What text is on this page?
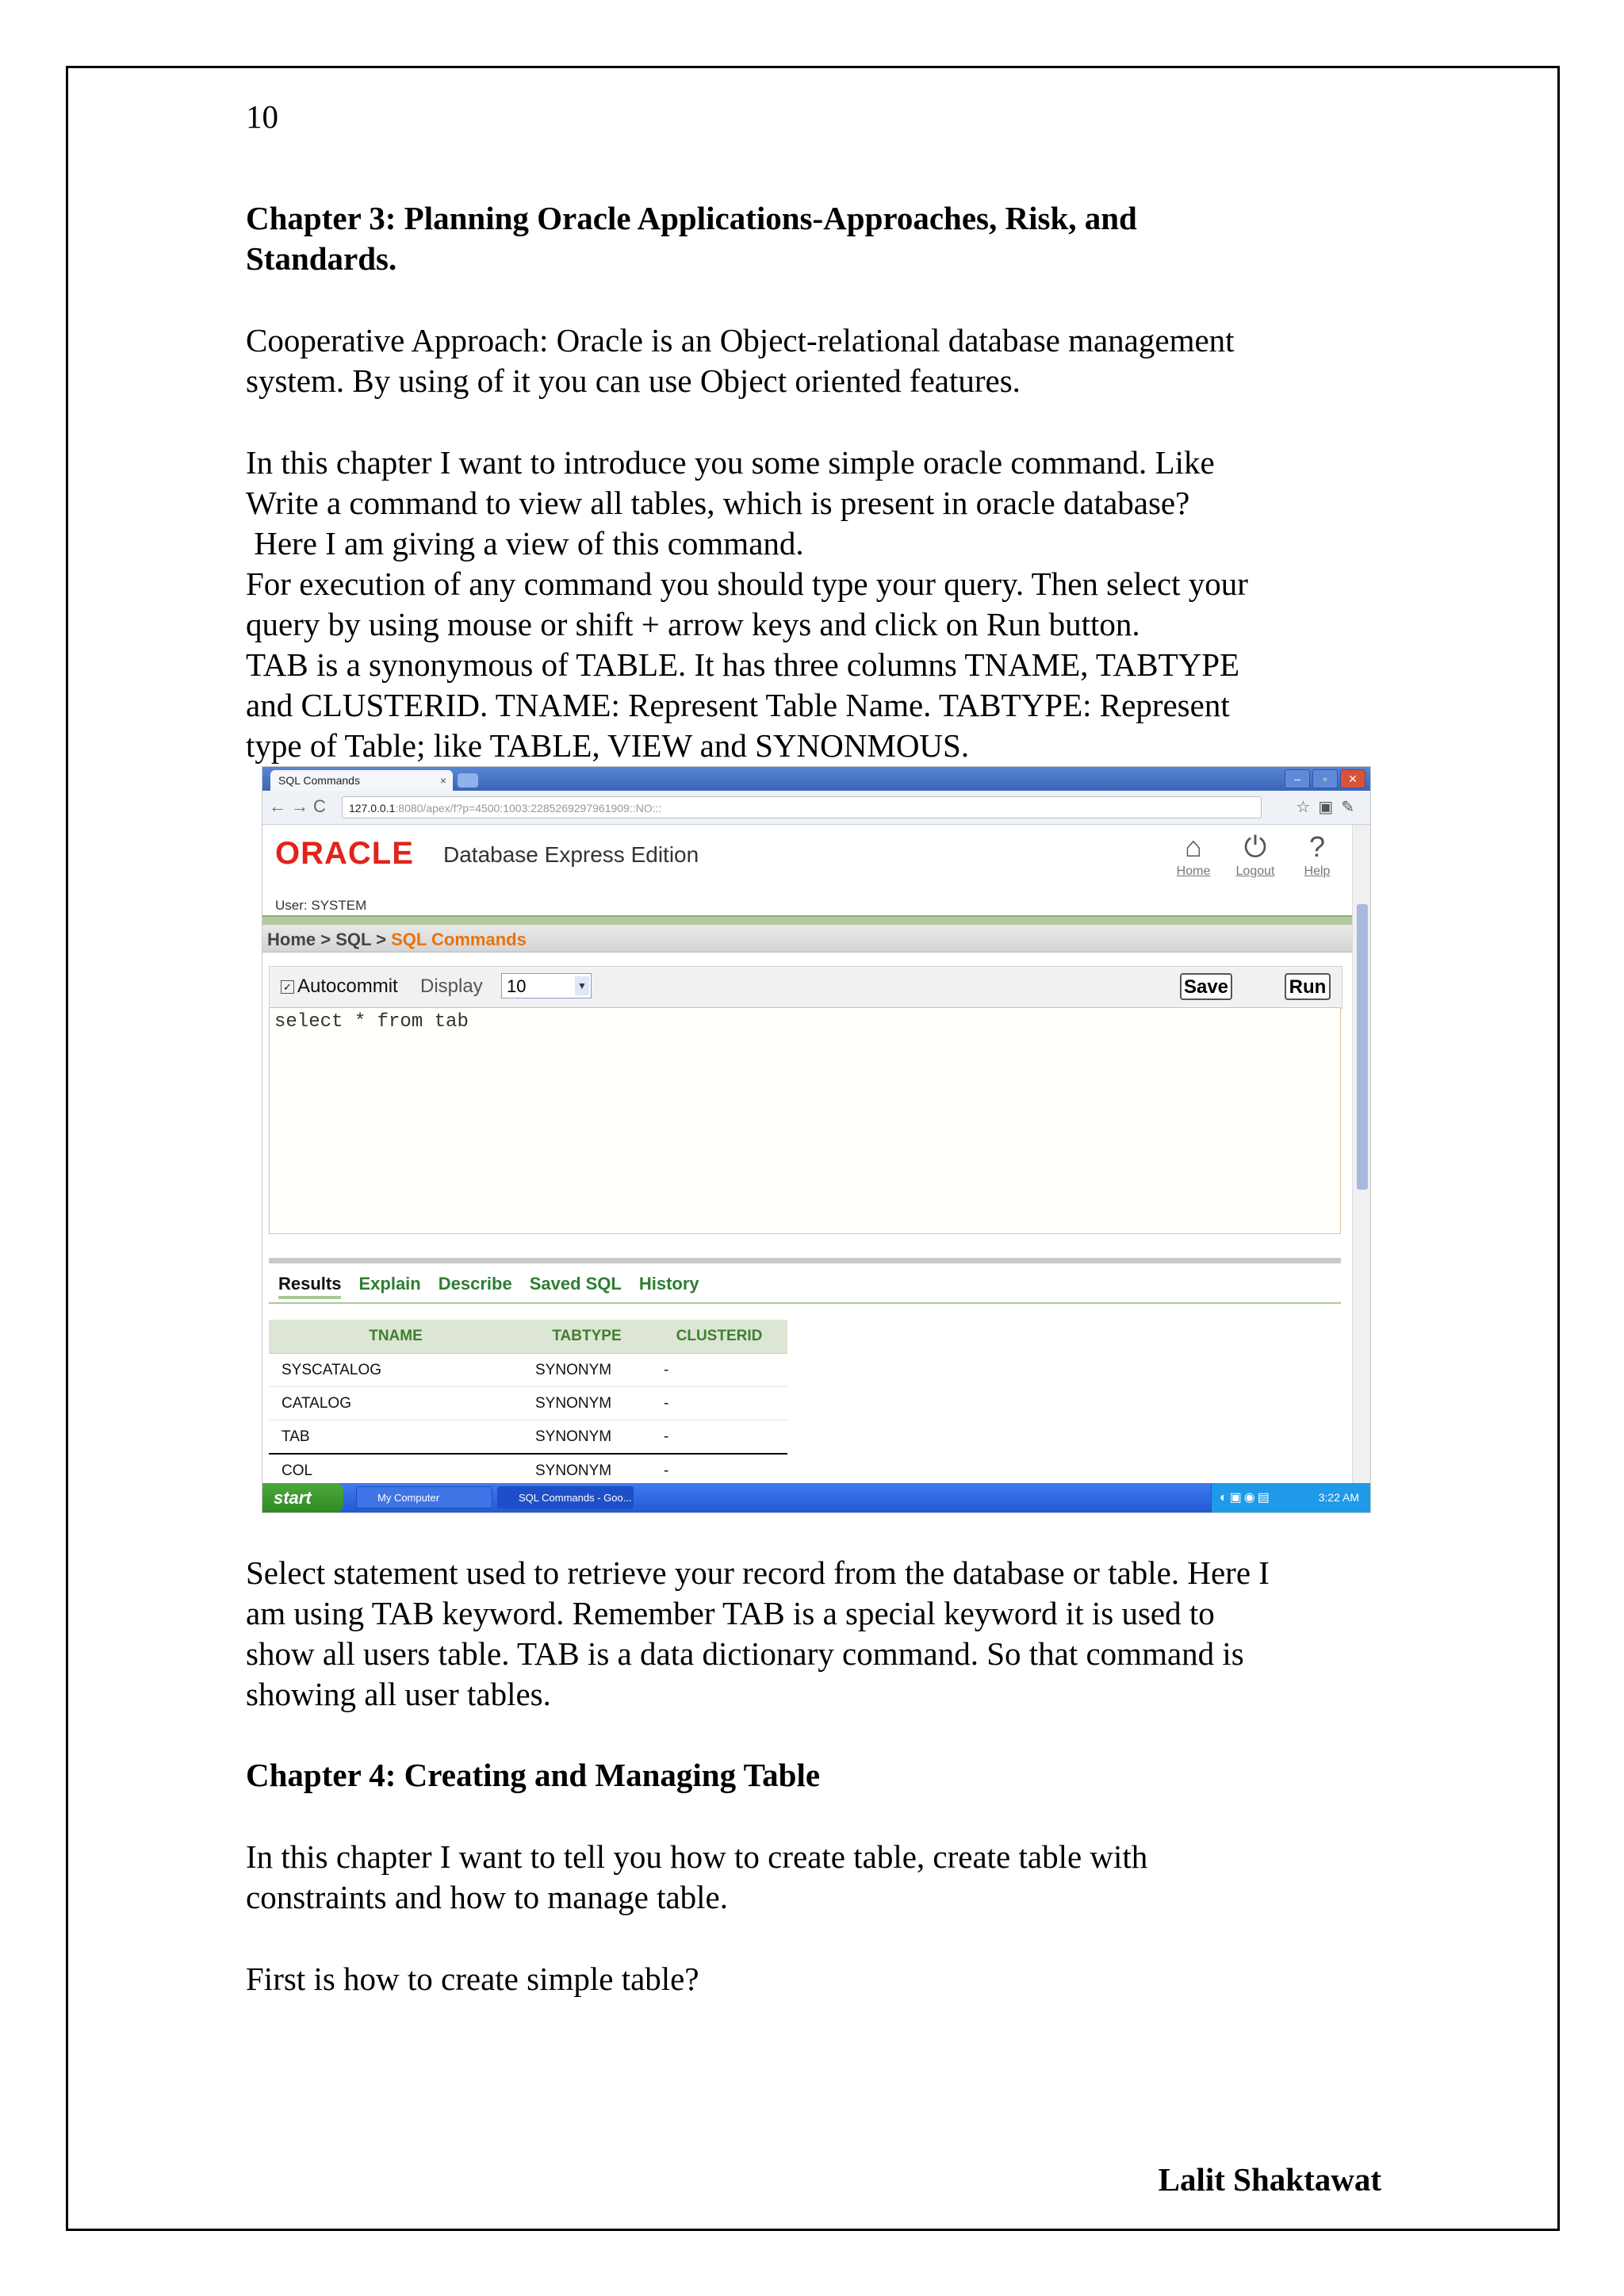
10
Chapter 3: Planning Oracle Applications-Approaches, Risk, and
Standards.
Cooperative Approach: Oracle is an Object-relational database management
system. By using of it you can use Object oriented features.
In this chapter I want to introduce you some simple oracle command. Like
Write a command to view all tables, which is present in oracle database?
Here I am giving a view of this command.
For execution of any command you should type your query. Then select your
query by using mouse or shift + arrow keys and click on Run button.
TAB is a synonymous of TABLE. It has three columns TNAME, TABTYPE
and CLUSTERID. TNAME: Represent Table Name. TABTYPE: Represent
type of Table; like TABLE, VIEW and SYNONMOUS.
Select statement used to retrieve your record from the database or table. Here I
am using TAB keyword. Remember TAB is a special keyword it is used to
show all users table. TAB is a data dictionary command. So that command is
showing all user tables.
Chapter 4: Creating and Managing Table
In this chapter I want to tell you how to create table, create table with
constraints and how to manage table.
First is how to create simple table?
Lalit Shaktawat
SQL Commands	×	–	▫	✕
←→C	127.0.0.1:8080/apex/f?p=4500:1003:2285269297961909::NO:::	☆▣✎
ORACLE Database Express Edition	⌂
Home
⏻
Logout
?
Help
User: SYSTEM
Home > SQL > SQL Commands
✓ Autocommit Display	10	▼	Save	Run
select * from tab
Results Explain Describe Saved SQL History
TNAME	TABTYPE	CLUSTERID
SYSCATALOG	SYNONYM	-
CATALOG	SYNONYM	-
TAB	SYNONYM	-
COL	SYNONYM	-
start	My Computer	SQL Commands - Goo...	◐▣◉▤	3:22 AM
